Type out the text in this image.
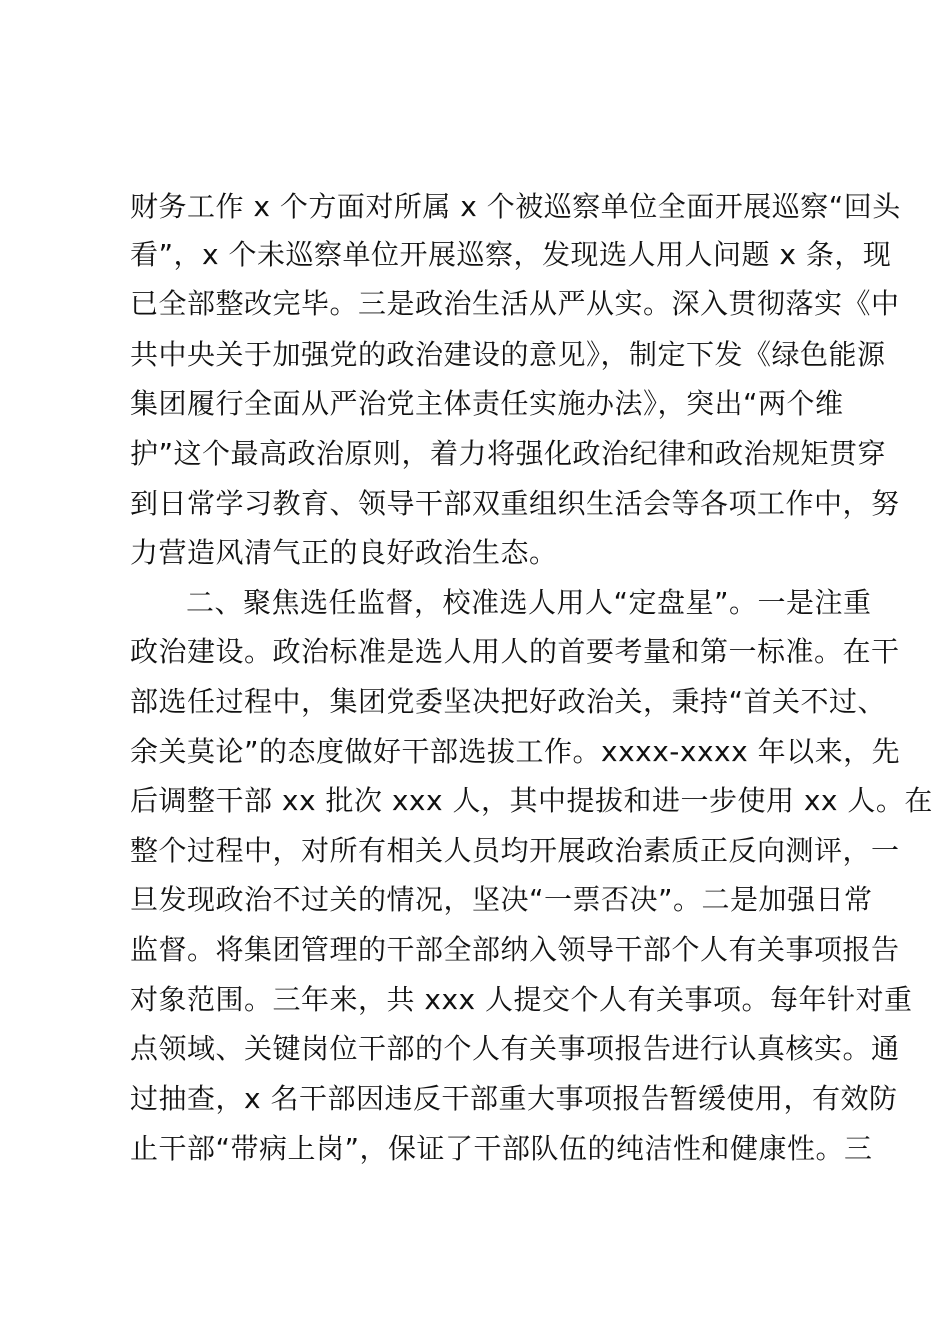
财务工作 x 个方面对所属 x 个被巡察单位全面开展巡察“回头
看”，x 个未巡察单位开展巡察，发现选人用人问题 x 条，现
已全部整改完毕。三是政治生活从严从实。深入贯彻落实《中
共中央关于加强党的政治建设的意见》，制定下发《绿色能源
集团履行全面从严治党主体责任实施办法》，突出“两个维
护”这个最高政治原则，着力将强化政治纪律和政治规矩贯穿
到日常学习教育、领导干部双重组织生活会等各项工作中，努
力营造风清气正的良好政治生态。
二、聚焦选任监督，校准选人用人“定盘星”。一是注重
政治建设。政治标准是选人用人的首要考量和第一标准。在干
部选任过程中，集团党委坚决把好政治关，秉持“首关不过、
余关莫论”的态度做好干部选拔工作。xxxx-xxxx 年以来，先
后调整干部 xx 批次 xxx 人，其中提拔和进一步使用 xx 人。在
整个过程中，对所有相关人员均开展政治素质正反向测评，一
旦发现政治不过关的情况，坚决“一票否决”。二是加强日常
监督。将集团管理的干部全部纳入领导干部个人有关事项报告
对象范围。三年来，共 xxx 人提交个人有关事项。每年针对重
点领域、关键岗位干部的个人有关事项报告进行认真核实。通
过抽查，x 名干部因违反干部重大事项报告暂缓使用，有效防
止干部“带病上岗”，保证了干部队伍的纯洁性和健康性。三
